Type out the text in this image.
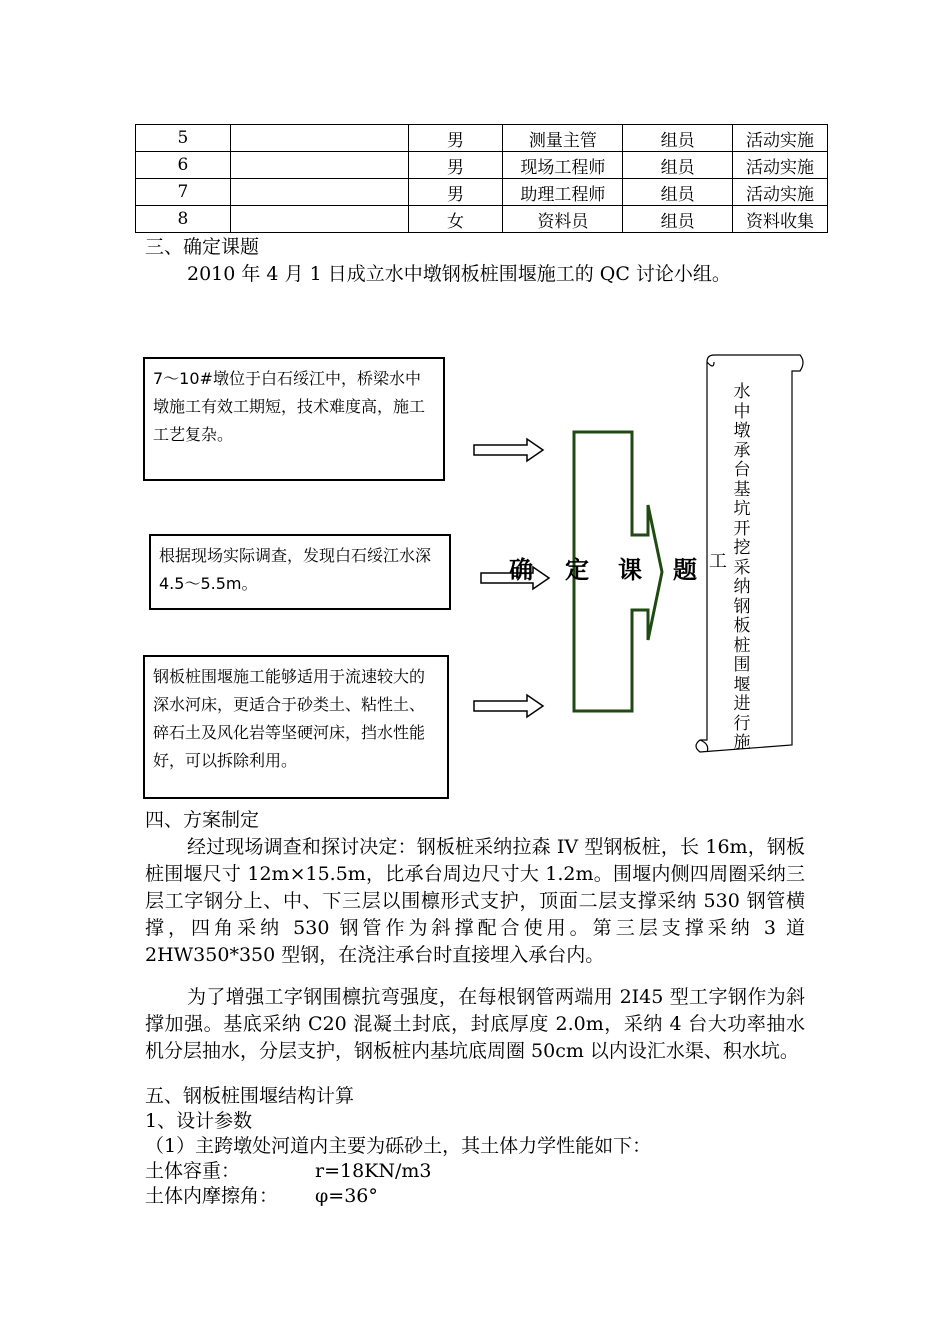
5		男	测量主管	组员	活动实施
6		男	现场工程师	组员	活动实施
7		男	助理工程师	组员	活动实施
8		女	资料员	组员	资料收集
三、确定课题
2010 年 4 月 1 日成立水中墩钢板桩围堰施工的 QC 讨论小组。
7～10#墩位于白石绥江中，桥梁水中墩施工有效工期短，技术难度高，施工工艺复杂。
根据现场实际调查，发现白石绥江水深4.5～5.5m。
钢板桩围堰施工能够适用于流速较大的深水河床，更适合于砂类土、粘性土、碎石土及风化岩等坚硬河床，挡水性能好，可以拆除利用。
确 定 课 题 工
水中墩承台基坑开挖采纳钢板桩围堰进行施
四、方案制定
经过现场调查和探讨决定：钢板桩采纳拉森 IV 型钢板桩，长 16m，钢板桩围堰尺寸 12m×15.5m，比承台周边尺寸大 1.2m。围堰内侧四周圈采纳三层工字钢分上、中、下三层以围檩形式支护，顶面二层支撑采纳 530 钢管横撑，四角采纳 530 钢管作为斜撑配合使用。第三层支撑采纳 3 道 2HW350*350 型钢，在浇注承台时直接埋入承台内。
为了增强工字钢围檩抗弯强度，在每根钢管两端用 2I45 型工字钢作为斜撑加强。基底采纳 C20 混凝土封底，封底厚度 2.0m，采纳 4 台大功率抽水机分层抽水，分层支护，钢板桩内基坑底周圈 50cm 以内设汇水渠、积水坑。
五、钢板桩围堰结构计算
1、设计参数
（1）主跨墩处河道内主要为砾砂土，其土体力学性能如下：
土体容重：	r=18KN/m3
土体内摩擦角： φ=36°
